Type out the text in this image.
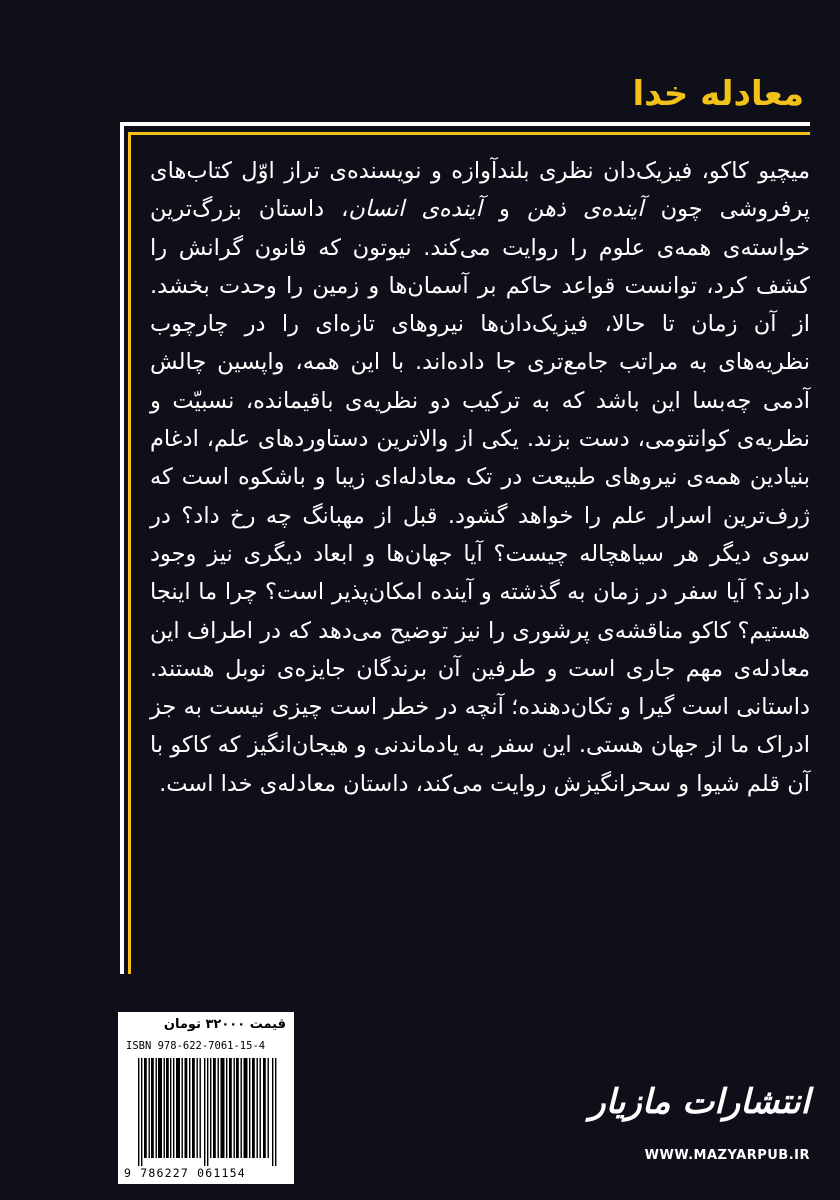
معادله خدا

میچیو کاکو، فیزیک‌دان نظری بلندآوازه و نویسنده‌ی تراز اوّل کتاب‌های پرفروشی چون آینده‌ی ذهن و آینده‌ی انسان، داستان بزرگ‌ترین خواسته‌ی همه‌ی علوم را روایت می‌کند. نیوتون که قانون گرانش را کشف کرد، توانست قواعد حاکم بر آسمان‌ها و زمین را وحدت بخشد. از آن زمان تا حالا، فیزیک‌دان‌ها نیروهای تازه‌ای را در چارچوب نظریه‌های به مراتب جامع‌تری جا داده‌اند. با این همه، واپسین چالش آدمی چه‌بسا این باشد که به ترکیب دو نظریه‌ی باقیمانده، نسبیّت و نظریه‌ی کوانتومی، دست بزند. یکی از والاترین دستاوردهای علم، ادغام بنیادین همه‌ی نیروهای طبیعت در تک معادله‌ای زیبا و باشکوه است که ژرف‌ترین اسرار علم را خواهد گشود. قبل از مهبانگ چه رخ داد؟ در سوی دیگر هر سیاهچاله چیست؟ آیا جهان‌ها و ابعاد دیگری نیز وجود دارند؟ آیا سفر در زمان به گذشته و آینده امکان‌پذیر است؟ چرا ما اینجا هستیم؟ کاکو مناقشه‌ی پرشوری را نیز توضیح می‌دهد که در اطراف این معادله‌ی مهم جاری است و طرفین آن برندگان جایزه‌ی نوبل هستند. داستانی است گیرا و تکان‌دهنده؛ آنچه در خطر است چیزی نیست به جز ادراک ما از جهان هستی. این سفر به یادماندنی و هیجان‌انگیز که کاکو با آن قلم شیوا و سحرانگیزش روایت می‌کند، داستان معادله‌ی خدا است.

قیمت ۳۲۰۰۰ تومان
ISBN 978-622-7061-15-4
9 786227 061154
انتشارات مازیار
WWW.MAZYARPUB.IR
